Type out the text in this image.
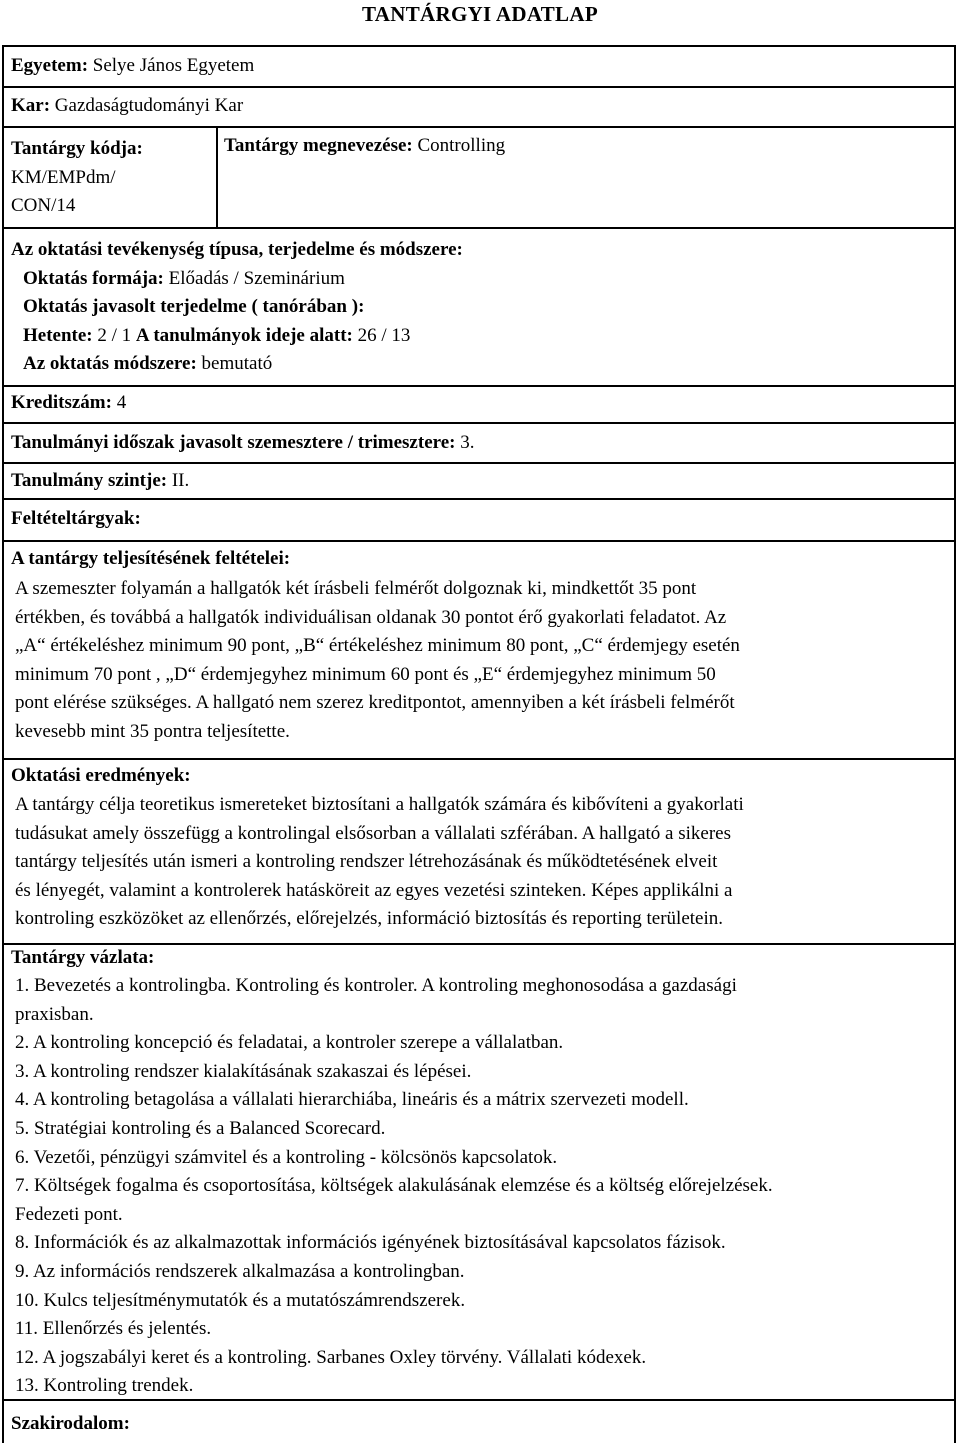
TANTÁRGYI ADATLAP
Egyetem: Selye János Egyetem
Kar: Gazdaságtudományi Kar
Tantárgy kódja:
KM/EMPdm/
CON/14
Tantárgy megnevezése: Controlling
Az oktatási tevékenység típusa, terjedelme és módszere:
Oktatás formája: Előadás / Szeminárium
Oktatás javasolt terjedelme ( tanórában ):
Hetente: 2 / 1 A tanulmányok ideje alatt: 26 / 13
Az oktatás módszere: bemutató
Kreditszám: 4
Tanulmányi időszak javasolt szemesztere / trimesztere: 3.
Tanulmány szintje: II.
Feltételtárgyak:
A tantárgy teljesítésének feltételei:
A szemeszter folyamán a hallgatók két írásbeli felmérőt dolgoznak ki, mindkettőt 35 pont
értékben, és továbbá a hallgatók individuálisan oldanak 30 pontot érő gyakorlati feladatot. Az
„A“ értékeléshez minimum 90 pont, „B“ értékeléshez minimum 80 pont, „C“ érdemjegy esetén
minimum 70 pont , „D“ érdemjegyhez minimum 60 pont és „E“ érdemjegyhez minimum 50
pont elérése szükséges. A hallgató nem szerez kreditpontot, amennyiben a két írásbeli felmérőt
kevesebb mint 35 pontra teljesítette.
Oktatási eredmények:
A tantárgy célja teoretikus ismereteket biztosítani a hallgatók számára és kibővíteni a gyakorlati
tudásukat amely összefügg a kontrolingal elsősorban a vállalati szférában. A hallgató a sikeres
tantárgy teljesítés után ismeri a kontroling rendszer létrehozásának és működtetésének elveit
és lényegét, valamint a kontrolerek hatásköreit az egyes vezetési szinteken. Képes applikálni a
kontroling eszközöket az ellenőrzés, előrejelzés, információ biztosítás és reporting területein.
Tantárgy vázlata:
1. Bevezetés a kontrolingba. Kontroling és kontroler. A kontroling meghonosodása a gazdasági
praxisban.
2. A kontroling koncepció és feladatai, a kontroler szerepe a vállalatban.
3. A kontroling rendszer kialakításának szakaszai és lépései.
4. A kontroling betagolása a vállalati hierarchiába, lineáris és a mátrix szervezeti modell.
5. Stratégiai kontroling és a Balanced Scorecard.
6. Vezetői, pénzügyi számvitel és a kontroling - kölcsönös kapcsolatok.
7. Költségek fogalma és csoportosítása, költségek alakulásának elemzése és a költség előrejelzések.
Fedezeti pont.
8. Információk és az alkalmazottak információs igényének biztosításával kapcsolatos fázisok.
9. Az információs rendszerek alkalmazása a kontrolingban.
10. Kulcs teljesítménymutatók és a mutatószámrendszerek.
11. Ellenőrzés és jelentés.
12. A jogszabályi keret és a kontroling. Sarbanes Oxley törvény. Vállalati kódexek.
13. Kontroling trendek.
Szakirodalom:
